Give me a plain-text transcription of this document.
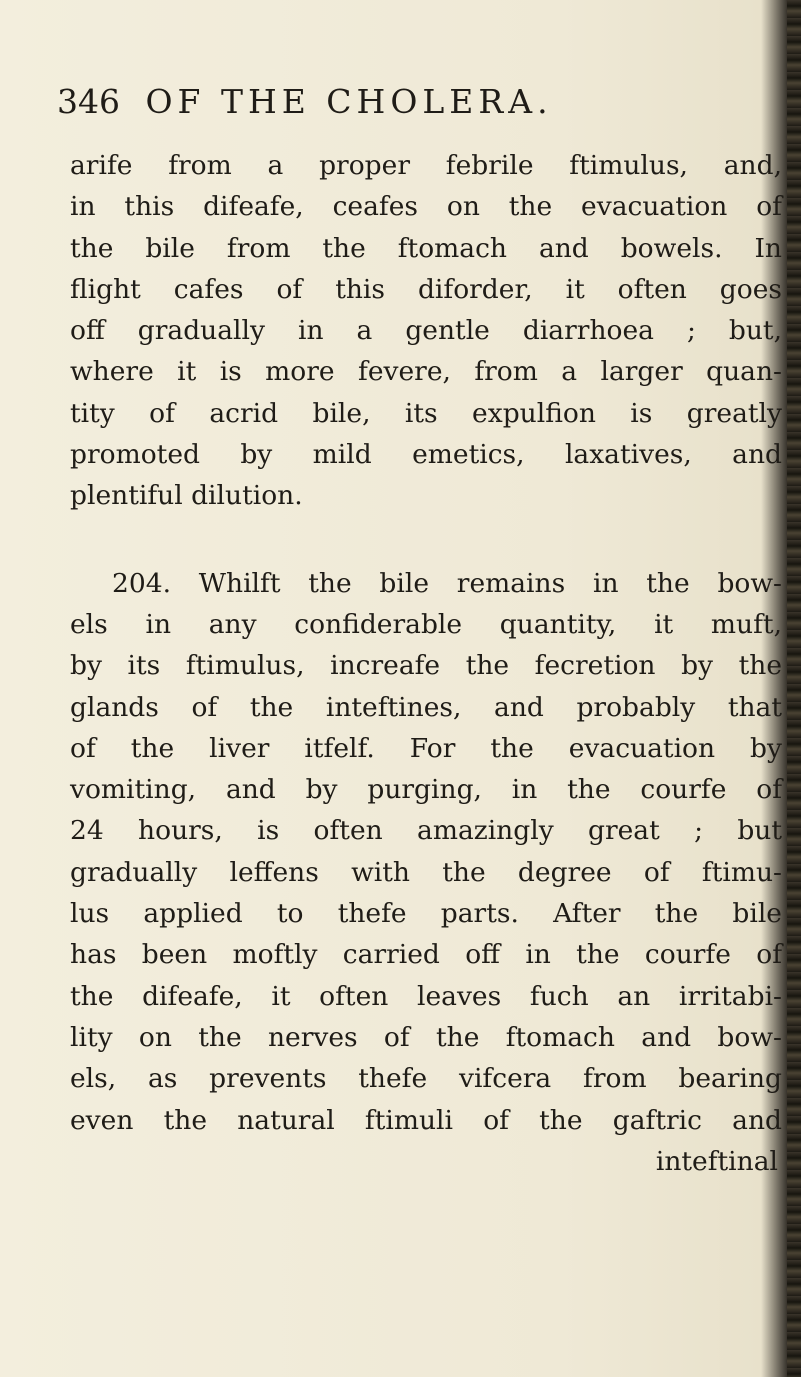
346 OF THE CHOLERA.
arife from a proper febrile ftimulus, and,
in this difeafe, ceafes on the evacuation of
the bile from the ftomach and bowels. In
flight cafes of this diforder, it often goes
off gradually in a gentle diarrhoea ; but,
where it is more fevere, from a larger quan-
tity of acrid bile, its expulfion is greatly
promoted by mild emetics, laxatives, and
plentiful dilution.
204. Whilft the bile remains in the bow-
els in any confiderable quantity, it muft,
by its ftimulus, increafe the fecretion by the
glands of the inteftines, and probably that
of the liver itfelf. For the evacuation by
vomiting, and by purging, in the courfe of
24 hours, is often amazingly great ; but
gradually leffens with the degree of ftimu-
lus applied to thefe parts. After the bile
has been moftly carried off in the courfe of
the difeafe, it often leaves fuch an irritabi-
lity on the nerves of the ftomach and bow-
els, as prevents thefe vifcera from bearing
even the natural ftimuli of the gaftric and
inteftinal
